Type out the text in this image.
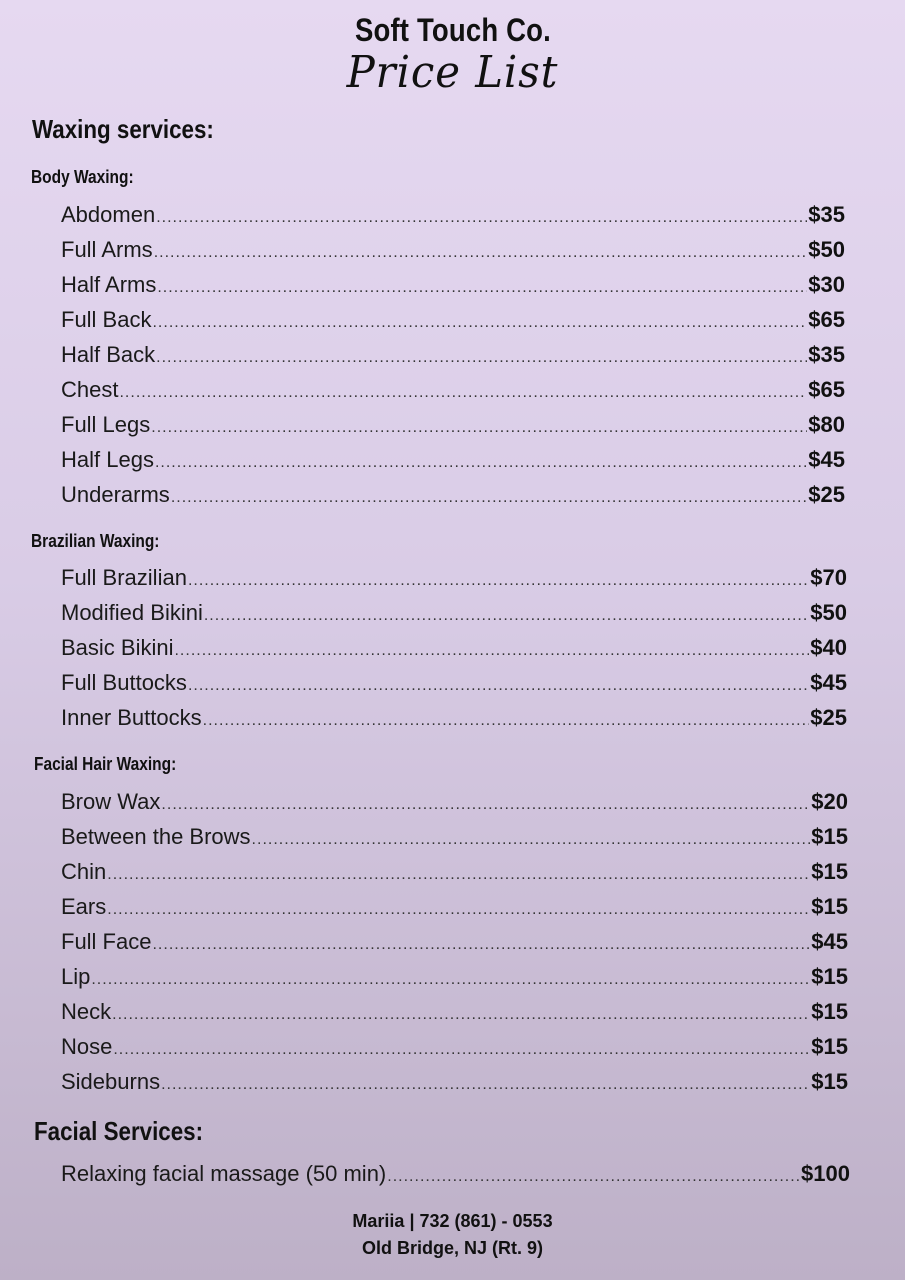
Soft Touch Co.
Price List
Waxing services:
Body Waxing:
Abdomen .....	$35
Full Arms .....	$50
Half Arms .....	$30
Full Back .....	$65
Half Back .....	$35
Chest .....	$65
Full Legs .....	$80
Half Legs .....	$45
Underarms .....	$25
Brazilian Waxing:
Full Brazilian .....	$70
Modified Bikini .....	$50
Basic Bikini .....	$40
Full Buttocks .....	$45
Inner Buttocks .....	$25
Facial Hair Waxing:
Brow Wax .....	$20
Between the Brows .....	$15
Chin .....	$15
Ears .....	$15
Full Face .....	$45
Lip .....	$15
Neck .....	$15
Nose .....	$15
Sideburns .....	$15
Facial Services:
Relaxing facial massage (50 min) .....	$100
Mariia | 732 (861) - 0553
Old Bridge, NJ (Rt. 9)
